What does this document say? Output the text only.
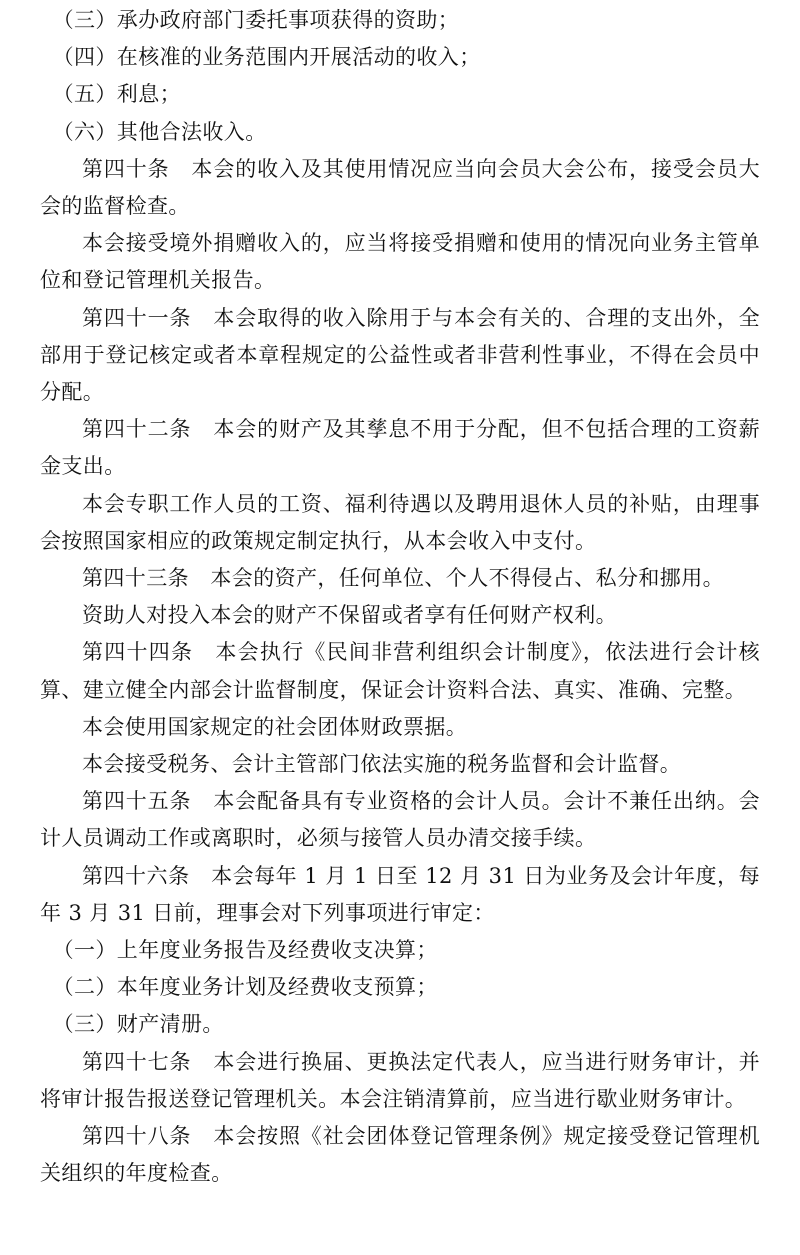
（三）承办政府部门委托事项获得的资助；

（四）在核准的业务范围内开展活动的收入；

（五）利息；

（六）其他合法收入。

第四十条　本会的收入及其使用情况应当向会员大会公布，接受会员大会的监督检查。

本会接受境外捐赠收入的，应当将接受捐赠和使用的情况向业务主管单位和登记管理机关报告。

第四十一条　本会取得的收入除用于与本会有关的、合理的支出外，全部用于登记核定或者本章程规定的公益性或者非营利性事业，不得在会员中分配。

第四十二条　本会的财产及其孳息不用于分配，但不包括合理的工资薪金支出。

本会专职工作人员的工资、福利待遇以及聘用退休人员的补贴，由理事会按照国家相应的政策规定制定执行，从本会收入中支付。

第四十三条　本会的资产，任何单位、个人不得侵占、私分和挪用。

资助人对投入本会的财产不保留或者享有任何财产权利。

第四十四条　本会执行《民间非营利组织会计制度》，依法进行会计核算、建立健全内部会计监督制度，保证会计资料合法、真实、准确、完整。

本会使用国家规定的社会团体财政票据。

本会接受税务、会计主管部门依法实施的税务监督和会计监督。

第四十五条　本会配备具有专业资格的会计人员。会计不兼任出纳。会计人员调动工作或离职时，必须与接管人员办清交接手续。

第四十六条　本会每年 1 月 1 日至 12 月 31 日为业务及会计年度，每年 3 月 31 日前，理事会对下列事项进行审定：

（一）上年度业务报告及经费收支决算；

（二）本年度业务计划及经费收支预算；

（三）财产清册。

第四十七条　本会进行换届、更换法定代表人，应当进行财务审计，并将审计报告报送登记管理机关。本会注销清算前，应当进行歇业财务审计。

第四十八条　本会按照《社会团体登记管理条例》规定接受登记管理机关组织的年度检查。
